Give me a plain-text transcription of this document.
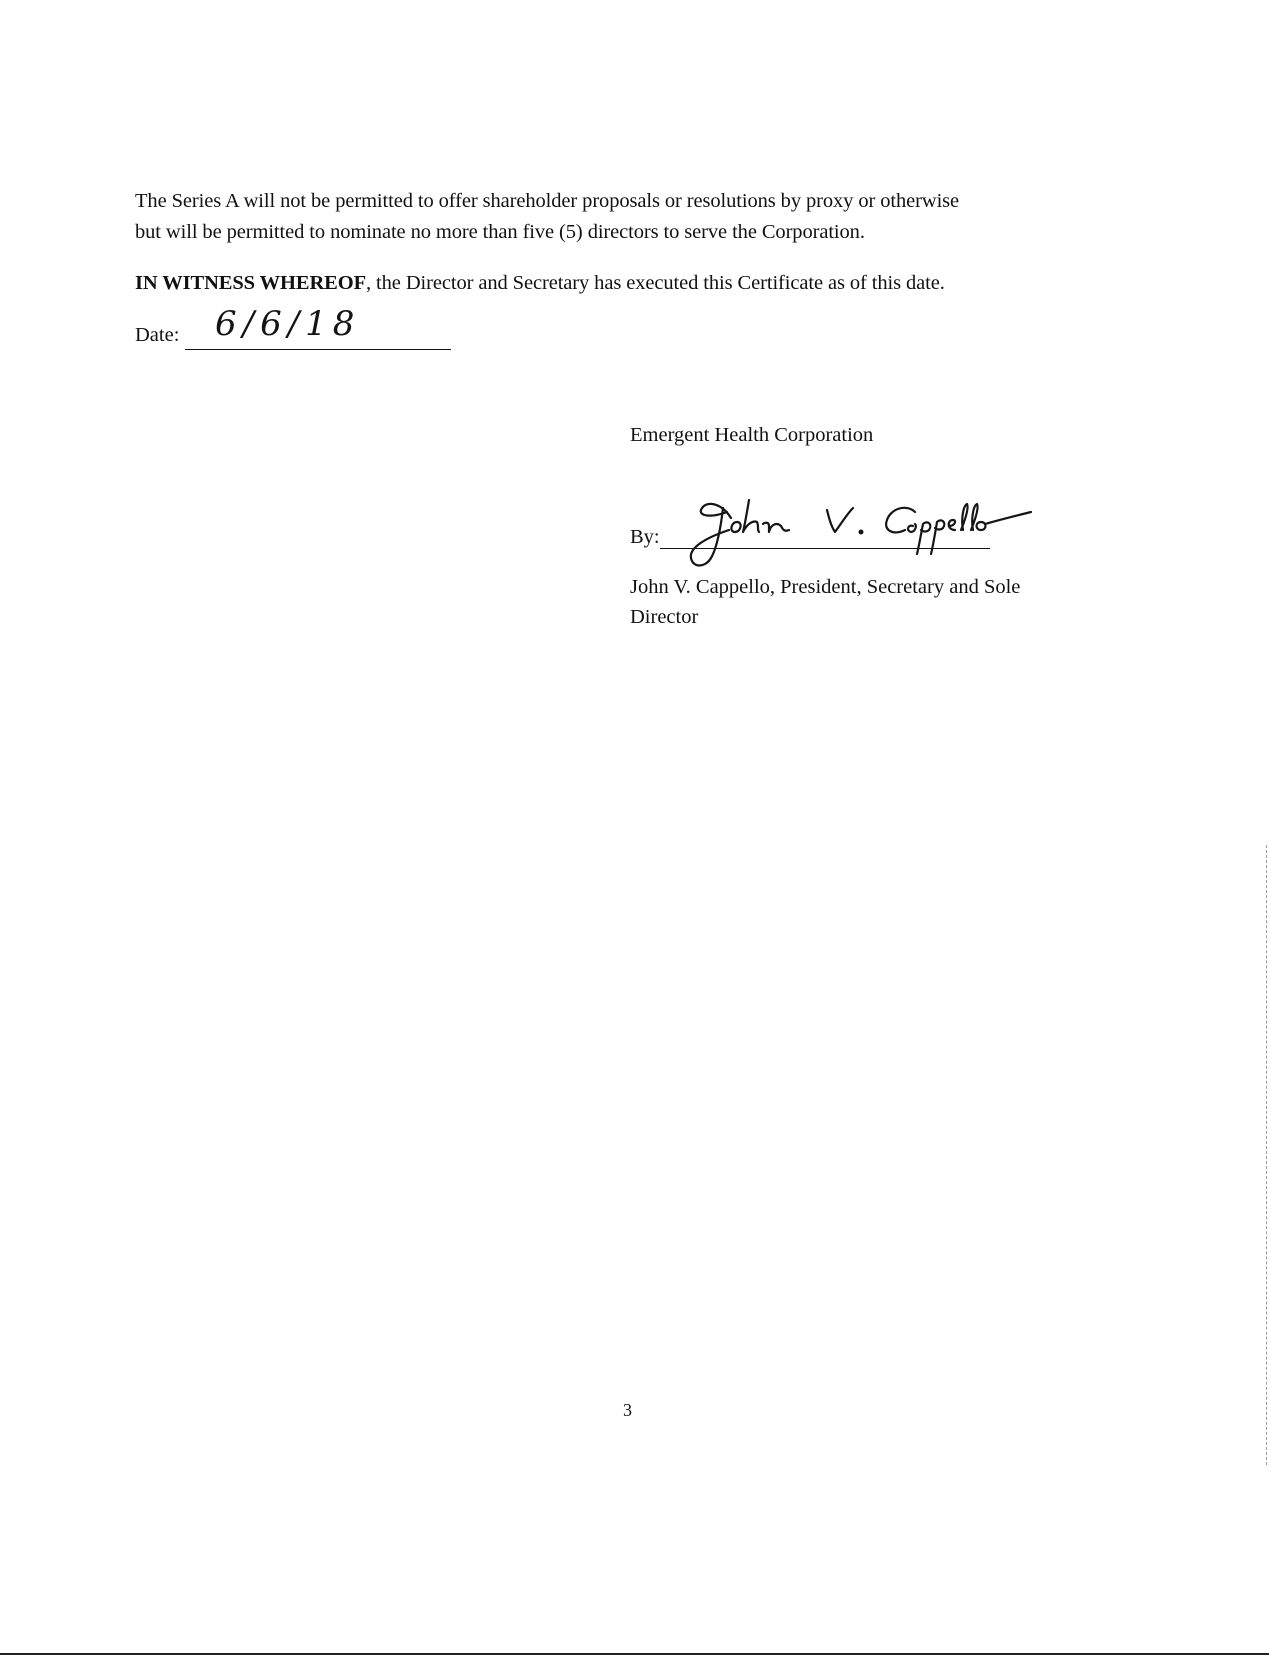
The Series A will not be permitted to offer shareholder proposals or resolutions by proxy or otherwise
but will be permitted to nominate no more than five (5) directors to serve the Corporation.
IN WITNESS WHEREOF, the Director and Secretary has executed this Certificate as of this date.
Date: 6/6/18
Emergent Health Corporation
By:
John V. Cappello, President, Secretary and Sole
Director
3
